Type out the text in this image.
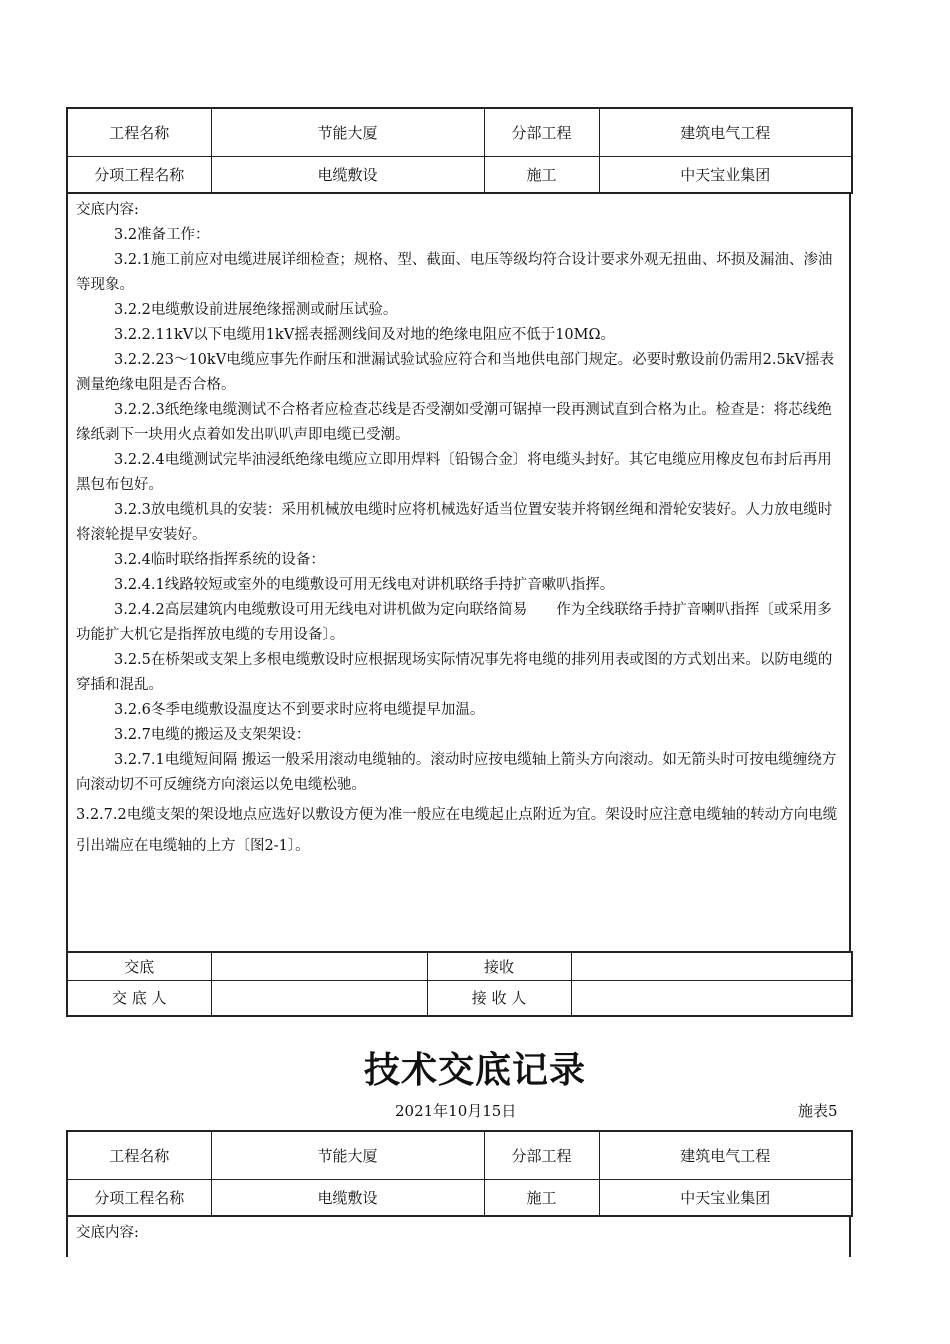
工程名称	节能大厦	分部工程	建筑电气工程
分项工程名称	电缆敷设	施工	中天宝业集团
交底内容:

3.2准备工作：

3.2.1施工前应对电缆进展详细检查；规格、型、截面、电压等级均符合设计要求外观无扭曲、坏损及漏油、渗油等现象。

3.2.2电缆敷设前进展绝缘摇测或耐压试验。

3.2.2.11kV以下电缆用1kV摇表摇测线间及对地的绝缘电阻应不低于10MΩ。

3.2.2.23～10kV电缆应事先作耐压和泄漏试验试验应符合和当地供电部门规定。必要时敷设前仍需用2.5kV摇表测量绝缘电阻是否合格。

3.2.2.3纸绝缘电缆测试不合格者应检查芯线是否受潮如受潮可锯掉一段再测试直到合格为止。检查是：将芯线绝缘纸剥下一块用火点着如发出叭叭声即电缆已受潮。

3.2.2.4电缆测试完毕油浸纸绝缘电缆应立即用焊料〔铅锡合金〕将电缆头封好。其它电缆应用橡皮包布封后再用黑包布包好。

3.2.3放电缆机具的安装：采用机械放电缆时应将机械选好适当位置安装并将钢丝绳和滑轮安装好。人力放电缆时将滚轮提早安装好。

3.2.4临时联络指挥系统的设备：

3.2.4.1线路较短或室外的电缆敷设可用无线电对讲机联络手持扩音嗽叭指挥。

3.2.4.2高层建筑内电缆敷设可用无线电对讲机做为定向联络简易　　作为全线联络手持扩音喇叭指挥〔或采用多功能扩大机它是指挥放电缆的专用设备〕。

3.2.5在桥架或支架上多根电缆敷设时应根据现场实际情况事先将电缆的排列用表或图的方式划出来。以防电缆的穿插和混乱。

3.2.6冬季电缆敷设温度达不到要求时应将电缆提早加温。

3.2.7电缆的搬运及支架架设：

3.2.7.1电缆短间隔 搬运一般采用滚动电缆轴的。滚动时应按电缆轴上箭头方向滚动。如无箭头时可按电缆缠绕方向滚动切不可反缠绕方向滚运以免电缆松驰。

3.2.7.2电缆支架的架设地点应选好以敷设方便为准一般应在电缆起止点附近为宜。架设时应注意电缆轴的转动方向电缆引出端应在电缆轴的上方〔图2-1〕。

交底		接收	
交 底 人		接 收 人	
技术交底记录
2021年10月15日	施表5
工程名称	节能大厦	分部工程	建筑电气工程
分项工程名称	电缆敷设	施工	中天宝业集团
交底内容:
